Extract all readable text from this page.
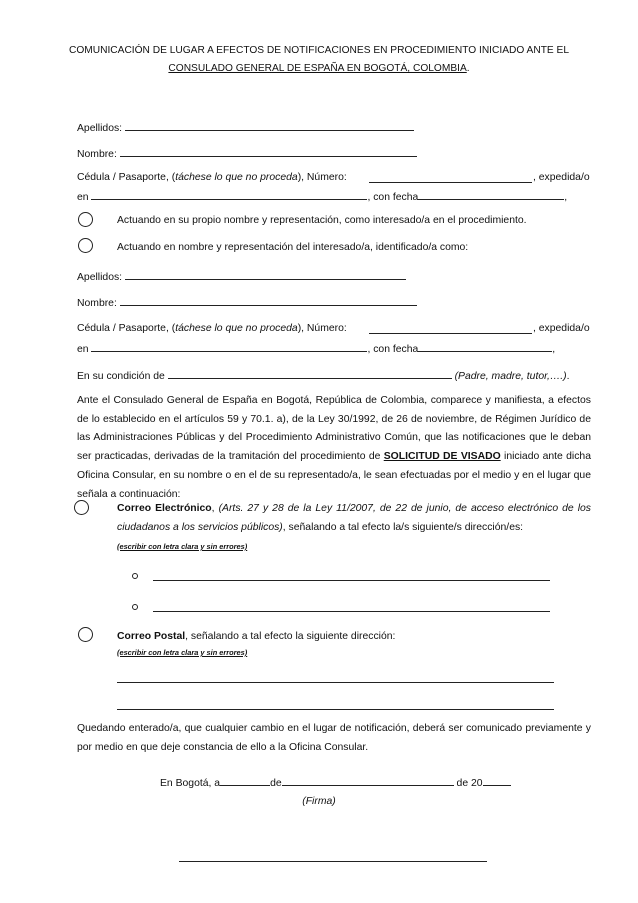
COMUNICACIÓN DE LUGAR A EFECTOS DE NOTIFICACIONES EN PROCEDIMIENTO INICIADO ANTE EL
CONSULADO GENERAL DE ESPAÑA EN BOGOTÁ, COLOMBIA.
Apellidos:
Nombre:
Cédula / Pasaporte, (táchese lo que no proceda), Número:	, expedida/o
en	, con fecha	,
Actuando en su propio nombre y representación, como interesado/a en el procedimiento.
Actuando en nombre y representación del interesado/a, identificado/a como:
Apellidos:
Nombre:
Cédula / Pasaporte, (táchese lo que no proceda), Número:	, expedida/o
en	, con fecha	,
En su condición de	(Padre, madre, tutor,….).
Ante el Consulado General de España en Bogotá, República de Colombia, comparece y manifiesta, a efectos de lo establecido en el artículos 59 y 70.1. a), de la Ley 30/1992, de 26 de noviembre, de Régimen Jurídico de las Administraciones Públicas y del Procedimiento Administrativo Común, que las notificaciones que le deban ser practicadas, derivadas de la tramitación del procedimiento de SOLICITUD DE VISADO iniciado ante dicha Oficina Consular, en su nombre o en el de su representado/a, le sean efectuadas por el medio y en el lugar que señala a continuación:
Correo Electrónico, (Arts. 27 y 28 de la Ley 11/2007, de 22 de junio, de acceso electrónico de los ciudadanos a los servicios públicos), señalando a tal efecto la/s siguiente/s dirección/es:
(escribir con letra clara y sin errores)
Correo Postal, señalando a tal efecto la siguiente dirección:
(escribir con letra clara y sin errores)
Quedando enterado/a, que cualquier cambio en el lugar de notificación, deberá ser comunicado previamente y por medio en que deje constancia de ello a la Oficina Consular.
En Bogotá, a	de	de 20
(Firma)
